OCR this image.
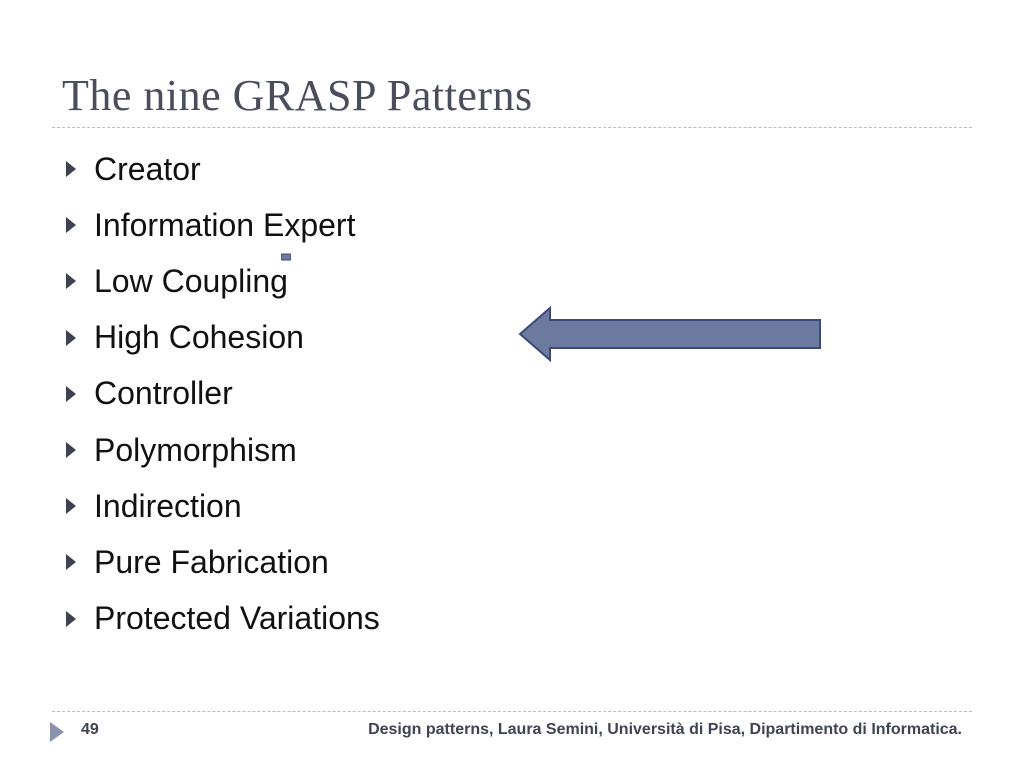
The nine GRASP Patterns
Creator
Information Expert
Low Coupling
High Cohesion
Controller
Polymorphism
Indirection
Pure Fabrication
Protected Variations
49	Design patterns, Laura Semini, Università di Pisa, Dipartimento di Informatica.
